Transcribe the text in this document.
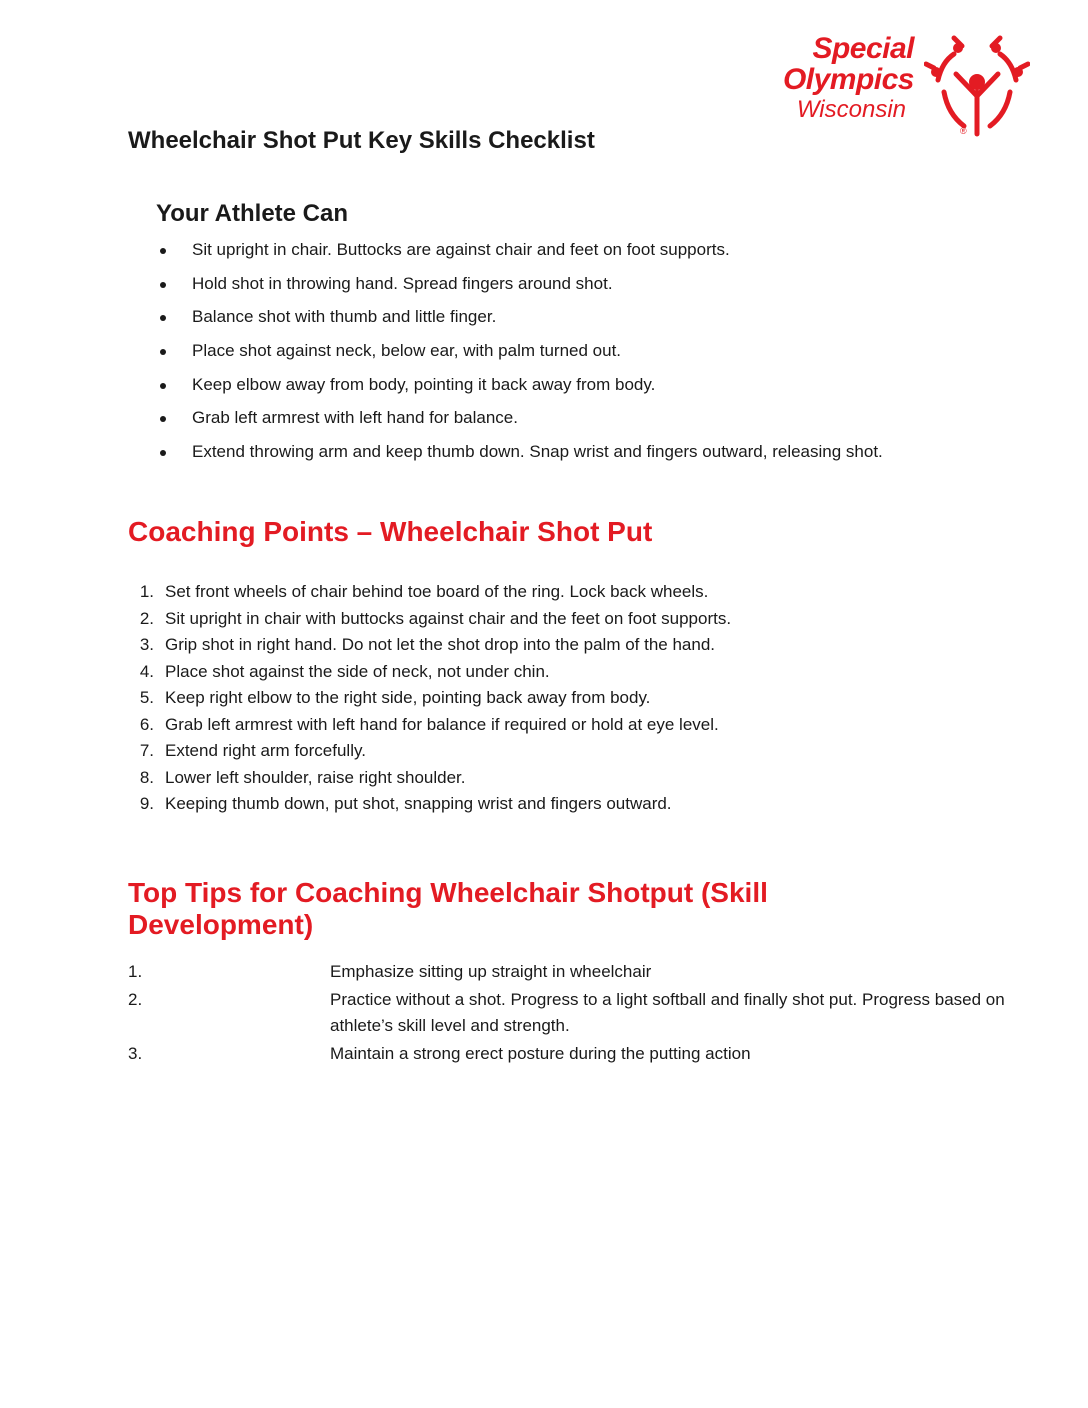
Special
Olympics
Wisconsin
®
Wheelchair Shot Put Key Skills Checklist
Your Athlete Can
Sit upright in chair. Buttocks are against chair and feet on foot supports.
Hold shot in throwing hand. Spread fingers around shot.
Balance shot with thumb and little finger.
Place shot against neck, below ear, with palm turned out.
Keep elbow away from body, pointing it back away from body.
Grab left armrest with left hand for balance.
Extend throwing arm and keep thumb down. Snap wrist and fingers outward, releasing shot.
Coaching Points – Wheelchair Shot Put
1. Set front wheels of chair behind toe board of the ring. Lock back wheels.
2. Sit upright in chair with buttocks against chair and the feet on foot supports.
3. Grip shot in right hand. Do not let the shot drop into the palm of the hand.
4. Place shot against the side of neck, not under chin.
5. Keep right elbow to the right side, pointing back away from body.
6. Grab left armrest with left hand for balance if required or hold at eye level.
7. Extend right arm forcefully.
8. Lower left shoulder, raise right shoulder.
9. Keeping thumb down, put shot, snapping wrist and fingers outward.
Top Tips for Coaching Wheelchair Shotput (Skill Development)
1.	Emphasize sitting up straight in wheelchair
2.	Practice without a shot. Progress to a light softball and finally shot put. Progress based on athlete’s skill level and strength.
3.	Maintain a strong erect posture during the putting action
